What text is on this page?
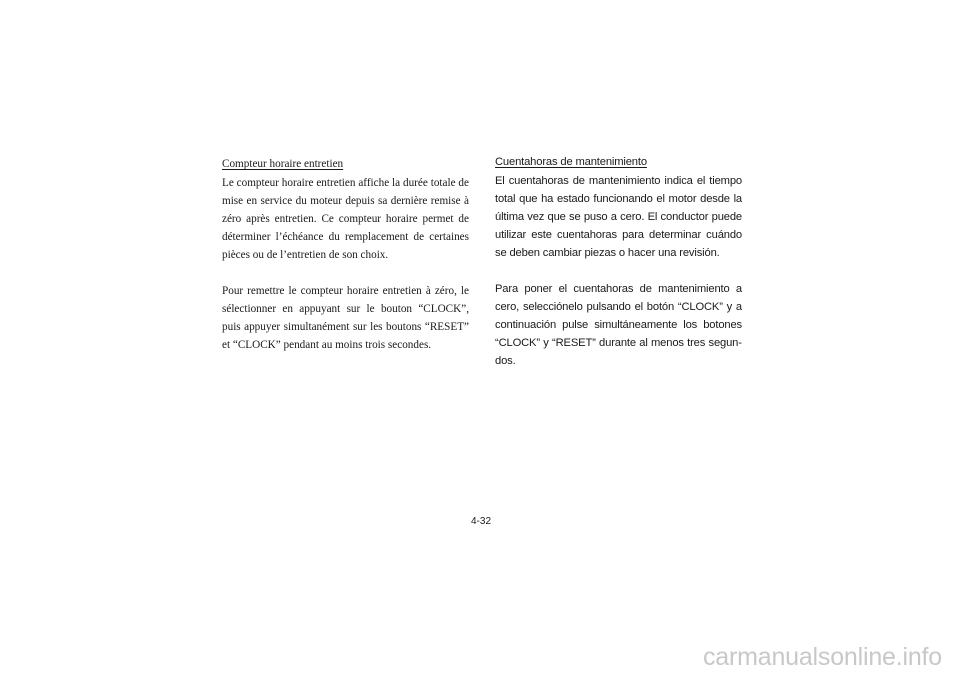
Compteur horaire entretien

Le compteur horaire entretien affiche la durée totale de mise en service du moteur depuis sa dernière remise à zéro après entretien. Ce compteur horaire permet de déterminer l’échéance du remplacement de certaines pièces ou de l’entretien de son choix.

Pour remettre le compteur horaire entretien à zéro, le sélectionner en appuyant sur le bouton “CLOCK”, puis appuyer simultanément sur les boutons “RESET” et “CLOCK” pendant au moins trois secondes.

Cuentahoras de mantenimiento

El cuentahoras de mantenimiento indica el tiempo total que ha estado funcionando el motor desde la última vez que se puso a cero. El conductor puede utilizar este cuentahoras para determinar cuándo se deben cambiar piezas o hacer una revisión.

Para poner el cuentahoras de mantenimiento a cero, selecciónelo pulsando el botón “CLOCK” y a continuación pulse simultáneamente los botones “CLOCK” y “RESET” durante al menos tres segundos.

4-32
carmanualsonline.info
